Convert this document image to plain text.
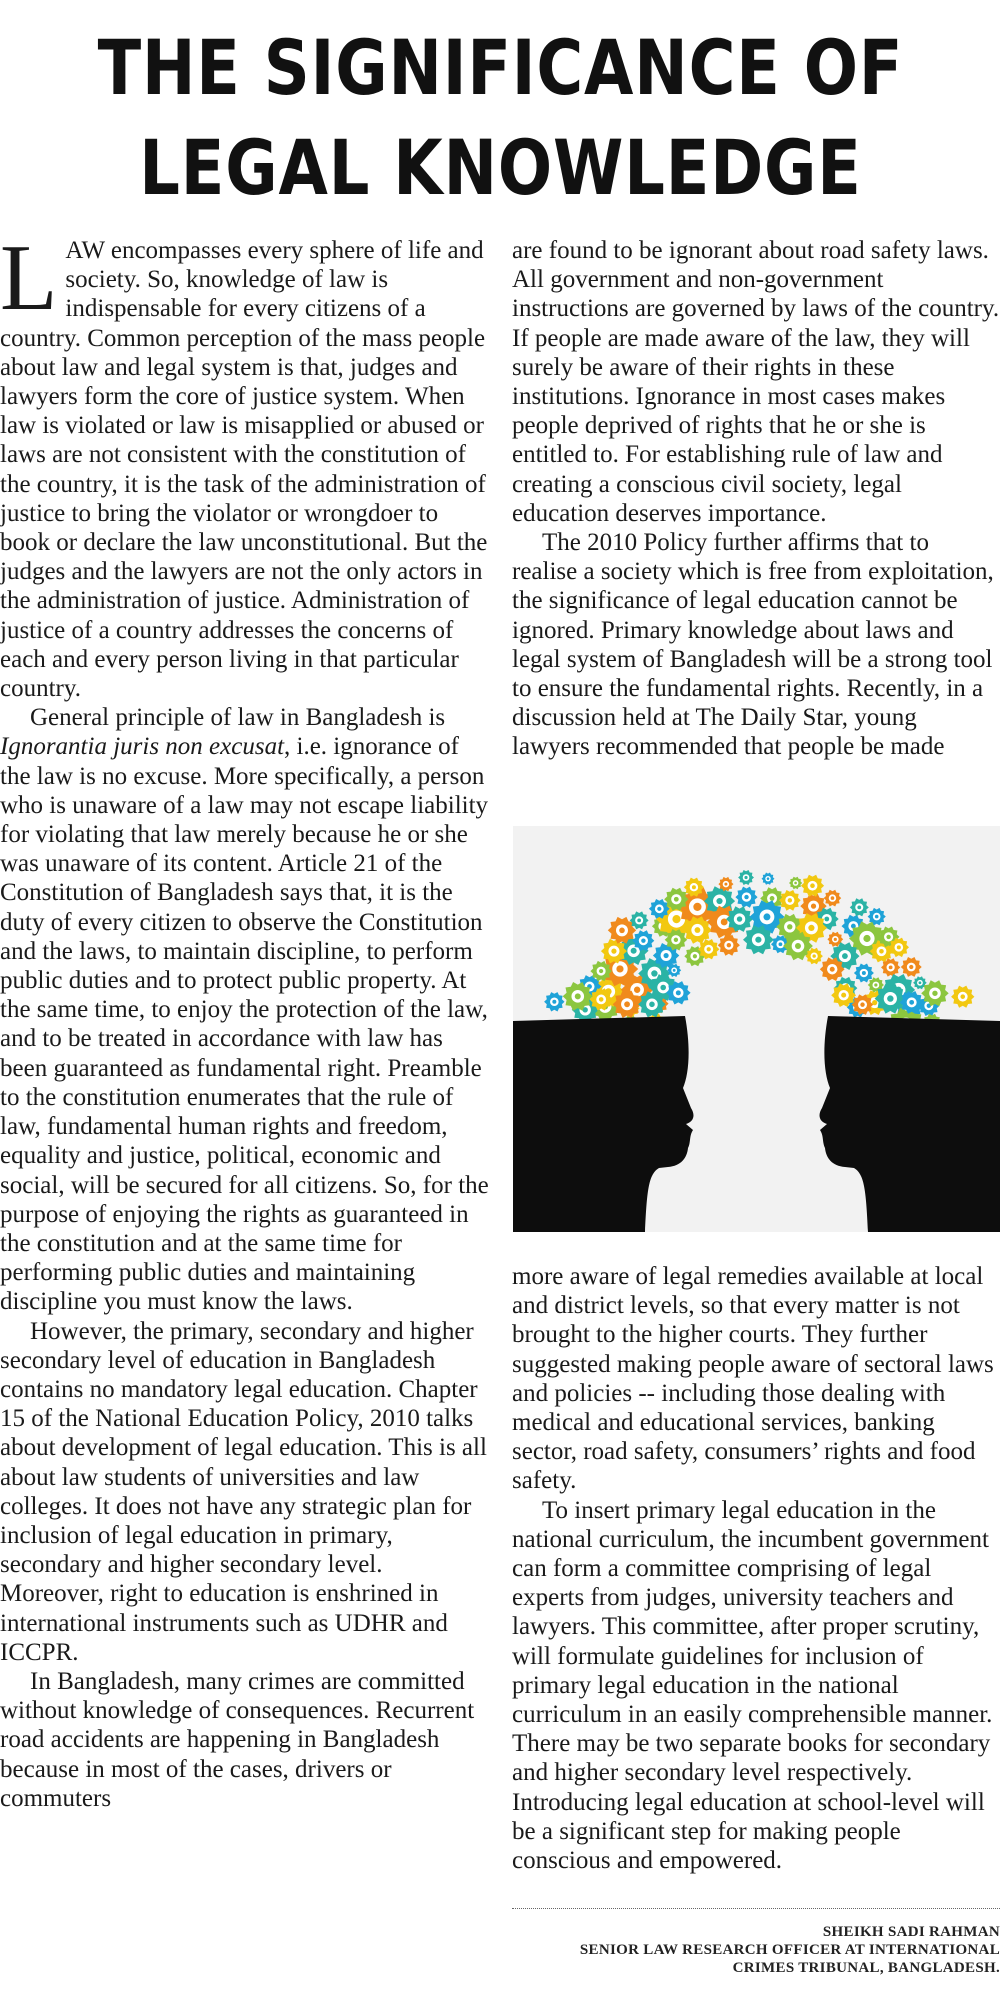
THE SIGNIFICANCE OF
LEGAL KNOWLEDGE

LAW encompasses every sphere of life and society. So, knowledge of law is indispensable for every citizens of a country. Common perception of the mass people about law and legal system is that, judges and lawyers form the core of justice system. When law is violated or law is misapplied or abused or laws are not consistent with the constitution of the country, it is the task of the administration of justice to bring the violator or wrongdoer to book or declare the law unconstitutional. But the judges and the lawyers are not the only actors in the administration of justice. Administration of justice of a country addresses the concerns of each and every person living in that particular country.

General principle of law in Bangladesh is Ignorantia juris non excusat, i.e. ignorance of the law is no excuse. More specifically, a person who is unaware of a law may not escape liability for violating that law merely because he or she was unaware of its content. Article 21 of the Constitution of Bangladesh says that, it is the duty of every citizen to observe the Constitution and the laws, to maintain discipline, to perform public duties and to protect public property. At the same time, to enjoy the protection of the law, and to be treated in accordance with law has been guaranteed as fundamental right. Preamble to the constitution enumerates that the rule of law, fundamental human rights and freedom, equality and justice, political, economic and social, will be secured for all citizens. So, for the purpose of enjoying the rights as guaranteed in the constitution and at the same time for performing public duties and maintaining discipline you must know the laws.

However, the primary, secondary and higher secondary level of education in Bangladesh contains no mandatory legal education. Chapter 15 of the National Education Policy, 2010 talks about development of legal education. This is all about law students of universities and law colleges. It does not have any strategic plan for inclusion of legal education in primary, secondary and higher secondary level. Moreover, right to education is enshrined in international instruments such as UDHR and ICCPR.

In Bangladesh, many crimes are committed without knowledge of consequences. Recurrent road accidents are happening in Bangladesh because in most of the cases, drivers or commuters

are found to be ignorant about road safety laws. All government and non-government instructions are governed by laws of the country. If people are made aware of the law, they will surely be aware of their rights in these institutions. Ignorance in most cases makes people deprived of rights that he or she is entitled to. For establishing rule of law and creating a conscious civil society, legal education deserves importance.

The 2010 Policy further affirms that to realise a society which is free from exploitation, the significance of legal education cannot be ignored. Primary knowledge about laws and legal system of Bangladesh will be a strong tool to ensure the fundamental rights. Recently, in a discussion held at The Daily Star, young lawyers recommended that people be made

more aware of legal remedies available at local and district levels, so that every matter is not brought to the higher courts. They further suggested making people aware of sectoral laws and policies -- including those dealing with medical and educational services, banking sector, road safety, consumers’ rights and food safety.

To insert primary legal education in the national curriculum, the incumbent government can form a committee comprising of legal experts from judges, university teachers and lawyers. This committee, after proper scrutiny, will formulate guidelines for inclusion of primary legal education in the national curriculum in an easily comprehensible manner. There may be two separate books for secondary and higher secondary level respectively. Introducing legal education at school-level will be a significant step for making people conscious and empowered.

SHEIKH SADI RAHMAN
SENIOR LAW RESEARCH OFFICER AT INTERNATIONAL
CRIMES TRIBUNAL, BANGLADESH.
